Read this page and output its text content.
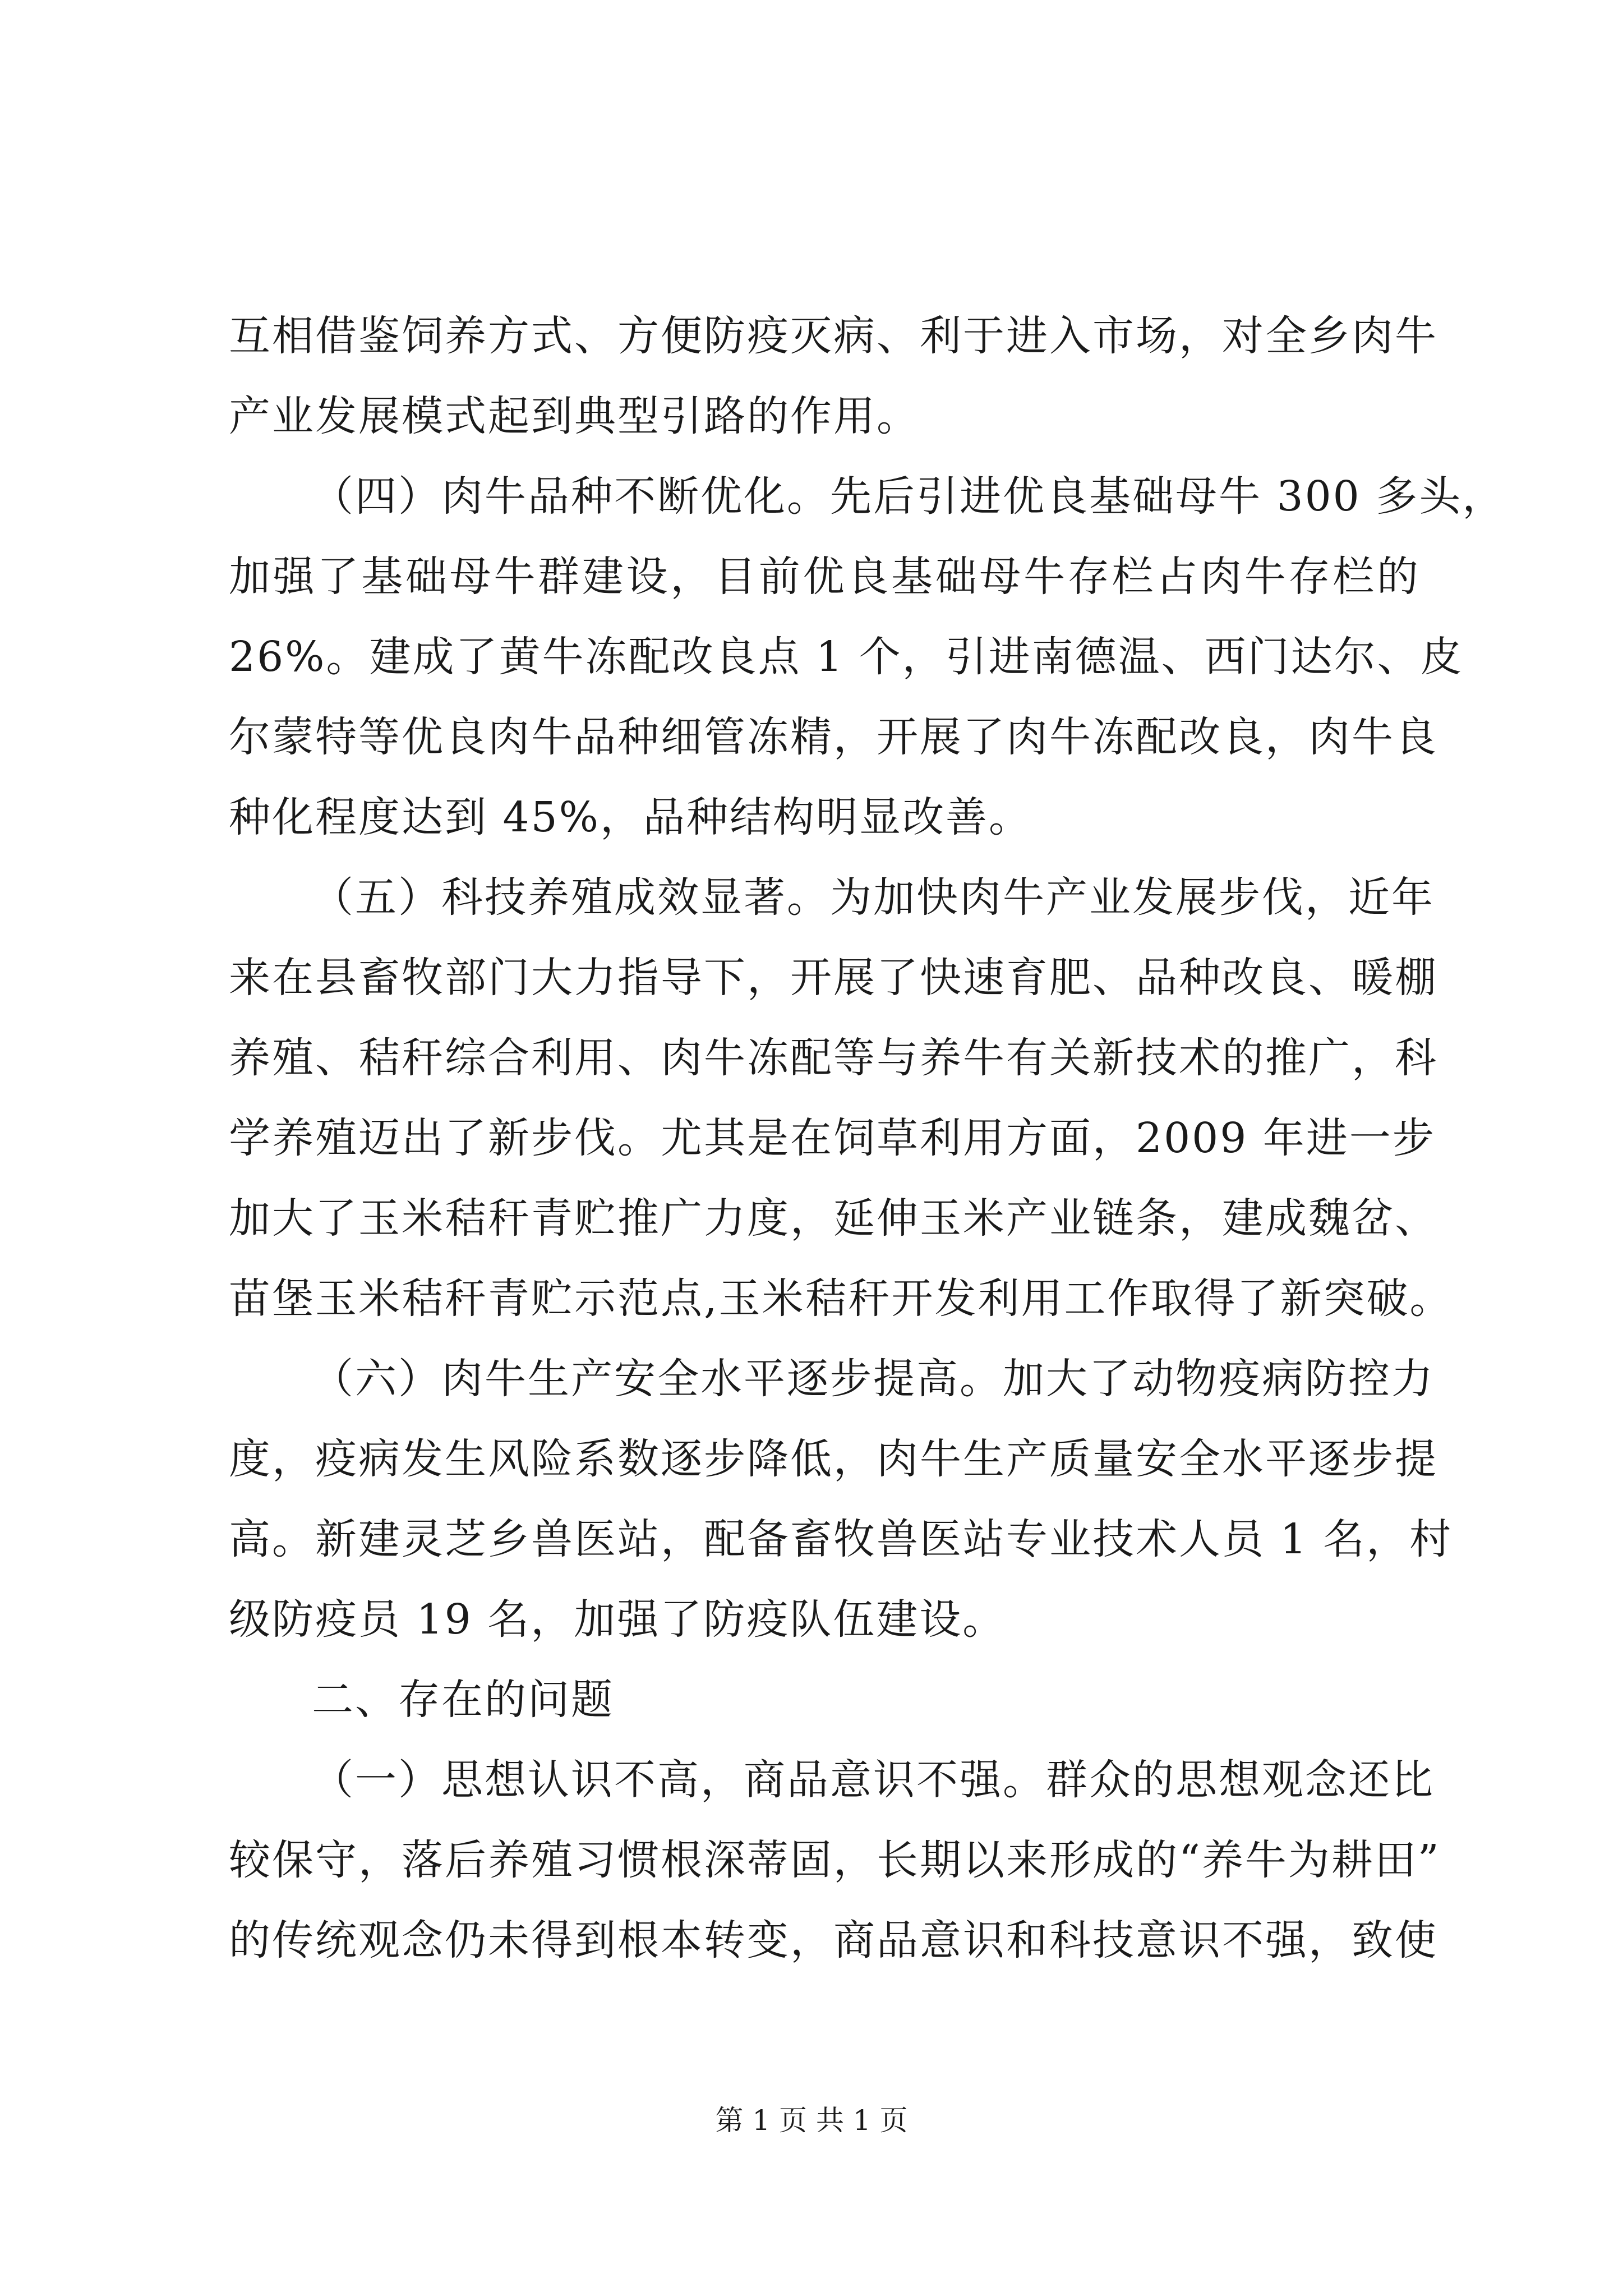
互相借鉴饲养方式、方便防疫灭病、利于进入市场，对全乡肉牛
产业发展模式起到典型引路的作用。
（四）肉牛品种不断优化。先后引进优良基础母牛 300 多头，
加强了基础母牛群建设，目前优良基础母牛存栏占肉牛存栏的
26%。建成了黄牛冻配改良点 1 个，引进南德温、西门达尔、皮
尔蒙特等优良肉牛品种细管冻精，开展了肉牛冻配改良，肉牛良
种化程度达到 45%，品种结构明显改善。
（五）科技养殖成效显著。为加快肉牛产业发展步伐，近年
来在县畜牧部门大力指导下，开展了快速育肥、品种改良、暖棚
养殖、秸秆综合利用、肉牛冻配等与养牛有关新技术的推广，科
学养殖迈出了新步伐。尤其是在饲草利用方面，2009 年进一步
加大了玉米秸秆青贮推广力度，延伸玉米产业链条，建成魏岔、
苗堡玉米秸秆青贮示范点,玉米秸秆开发利用工作取得了新突破。
（六）肉牛生产安全水平逐步提高。加大了动物疫病防控力
度，疫病发生风险系数逐步降低，肉牛生产质量安全水平逐步提
高。新建灵芝乡兽医站，配备畜牧兽医站专业技术人员 1 名，村
级防疫员 19 名，加强了防疫队伍建设。
二、存在的问题
（一）思想认识不高，商品意识不强。群众的思想观念还比
较保守，落后养殖习惯根深蒂固，长期以来形成的“养牛为耕田”
的传统观念仍未得到根本转变，商品意识和科技意识不强，致使
第 1 页 共 1 页
